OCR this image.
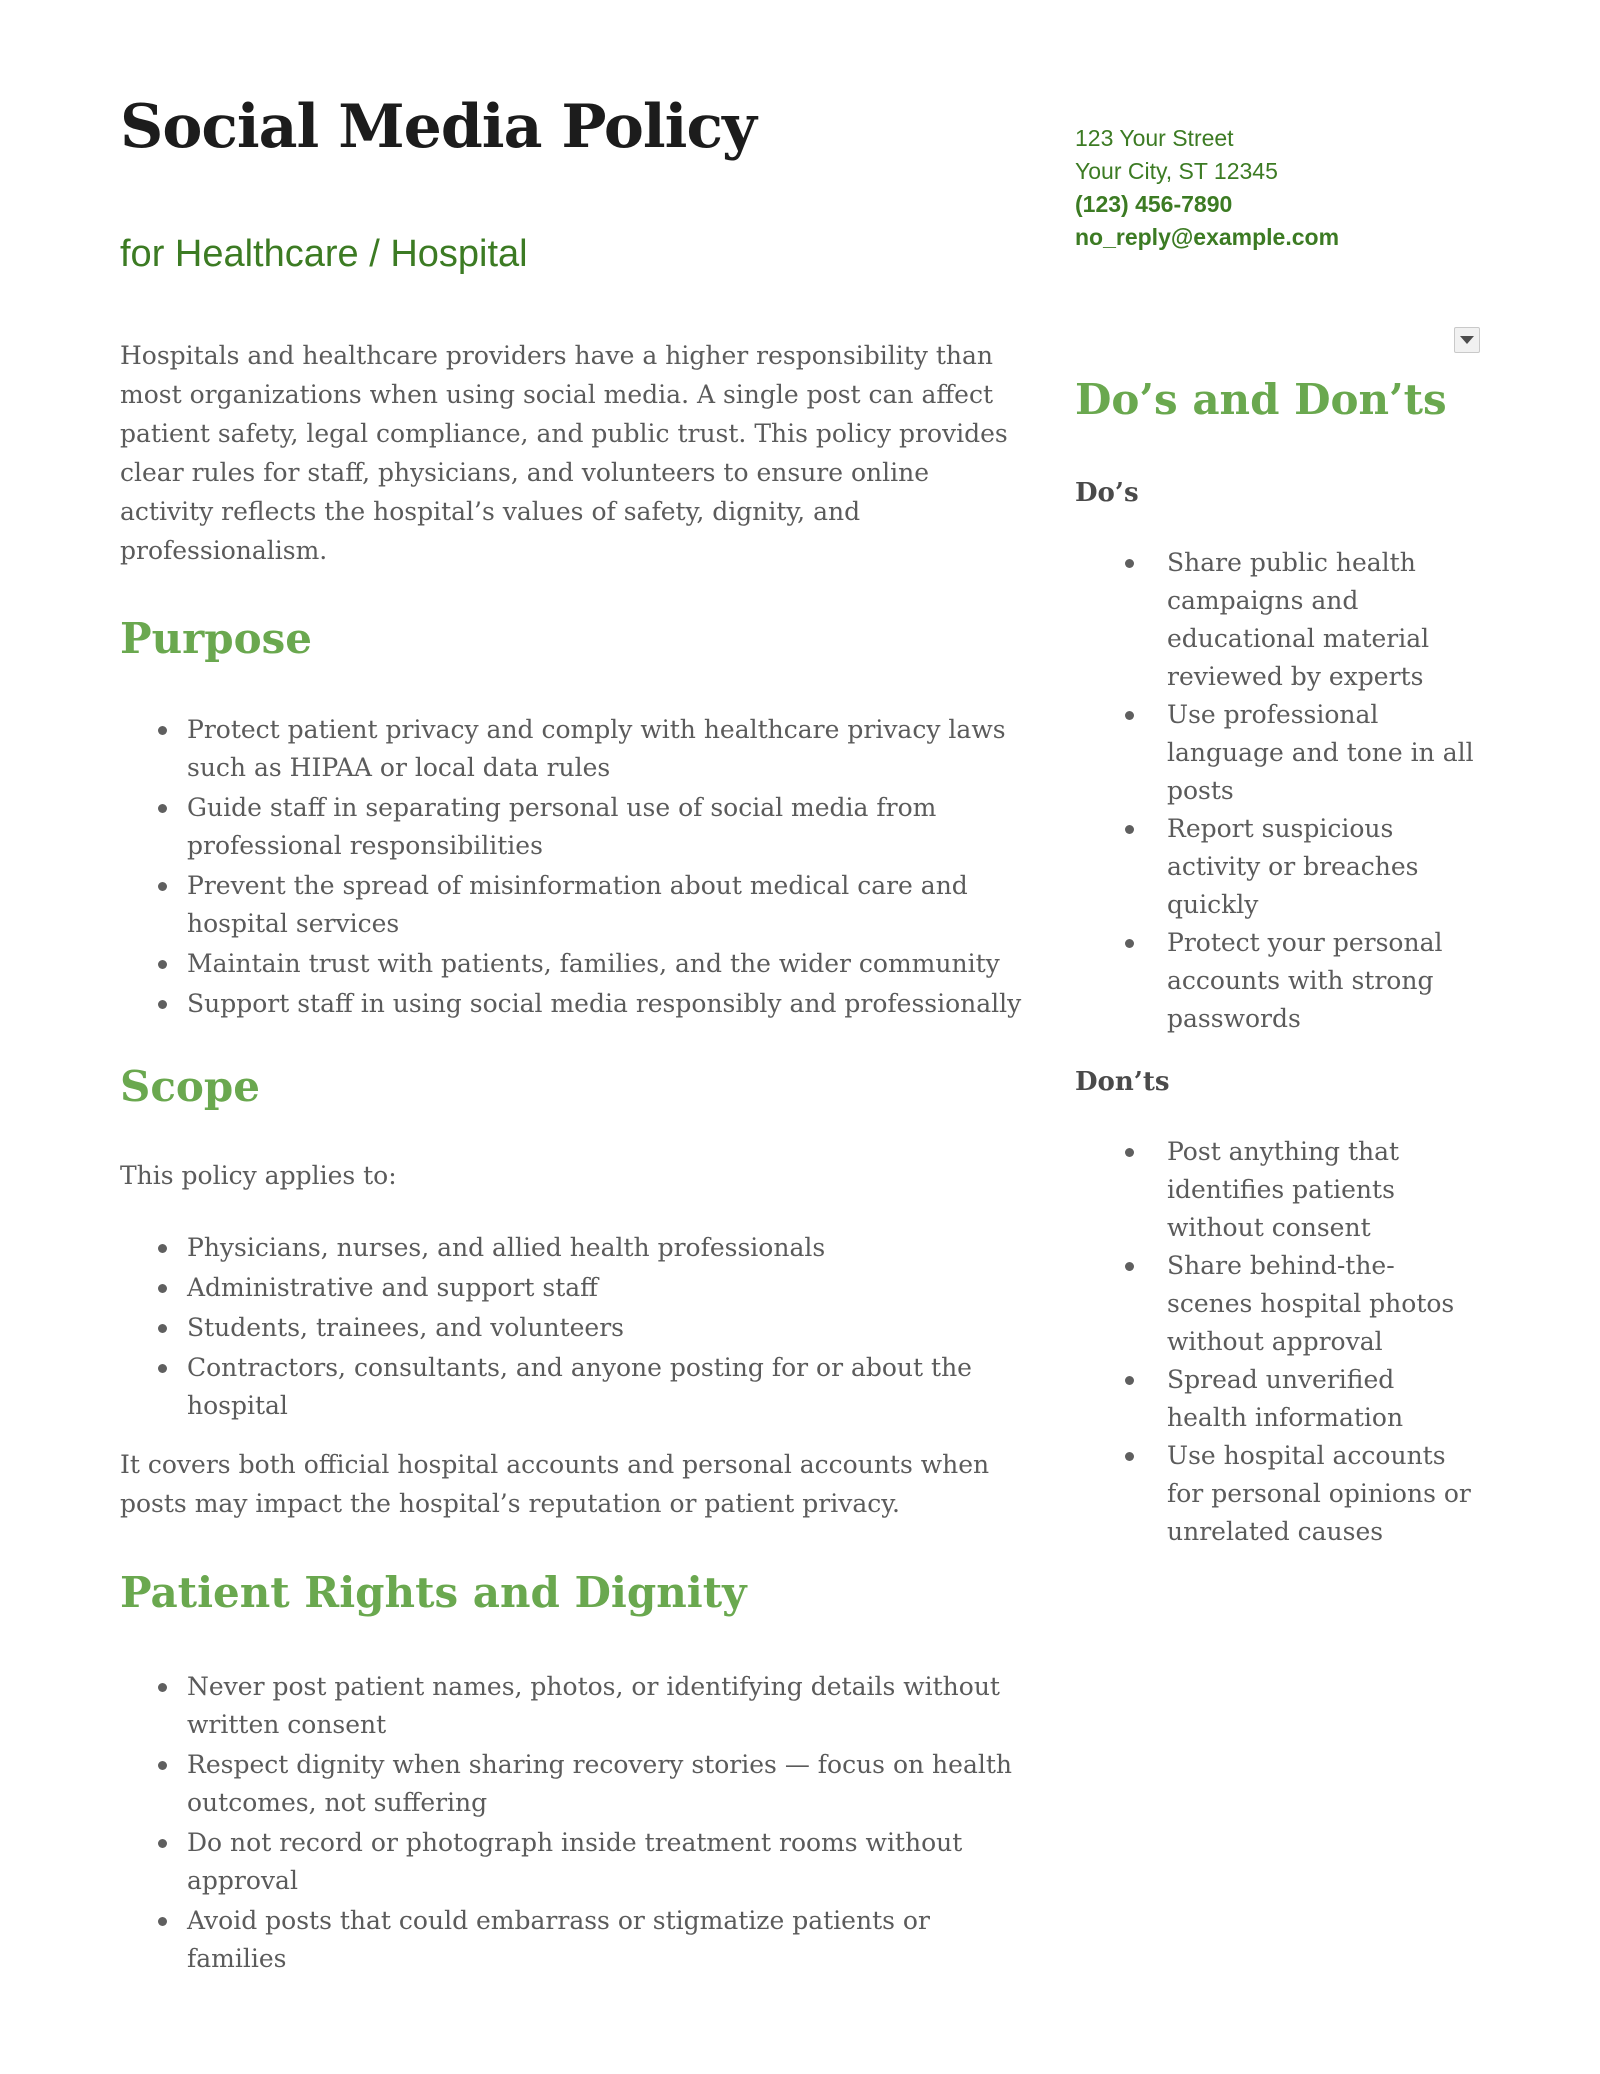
Social Media Policy
for Healthcare / Hospital

Hospitals and healthcare providers have a higher responsibility than most organizations when using social media. A single post can affect patient safety, legal compliance, and public trust. This policy provides clear rules for staff, physicians, and volunteers to ensure online activity reflects the hospital’s values of safety, dignity, and professionalism.

Purpose
Protect patient privacy and comply with healthcare privacy laws such as HIPAA or local data rules
Guide staff in separating personal use of social media from professional responsibilities
Prevent the spread of misinformation about medical care and hospital services
Maintain trust with patients, families, and the wider community
Support staff in using social media responsibly and professionally
Scope

This policy applies to:

Physicians, nurses, and allied health professionals
Administrative and support staff
Students, trainees, and volunteers
Contractors, consultants, and anyone posting for or about the hospital

It covers both official hospital accounts and personal accounts when posts may impact the hospital’s reputation or patient privacy.

Patient Rights and Dignity
Never post patient names, photos, or identifying details without written consent
Respect dignity when sharing recovery stories — focus on health outcomes, not suffering
Do not record or photograph inside treatment rooms without approval
Avoid posts that could embarrass or stigmatize patients or families
123 Your Street
Your City, ST 12345
(123) 456-7890
no_reply@example.com
Do’s and Don’ts
Do’s
Share public health campaigns and educational material reviewed by experts
Use professional language and tone in all posts
Report suspicious activity or breaches quickly
Protect your personal accounts with strong passwords
Don’ts
Post anything that identifies patients without consent
Share behind-the-scenes hospital photos without approval
Spread unverified health information
Use hospital accounts for personal opinions or unrelated causes
